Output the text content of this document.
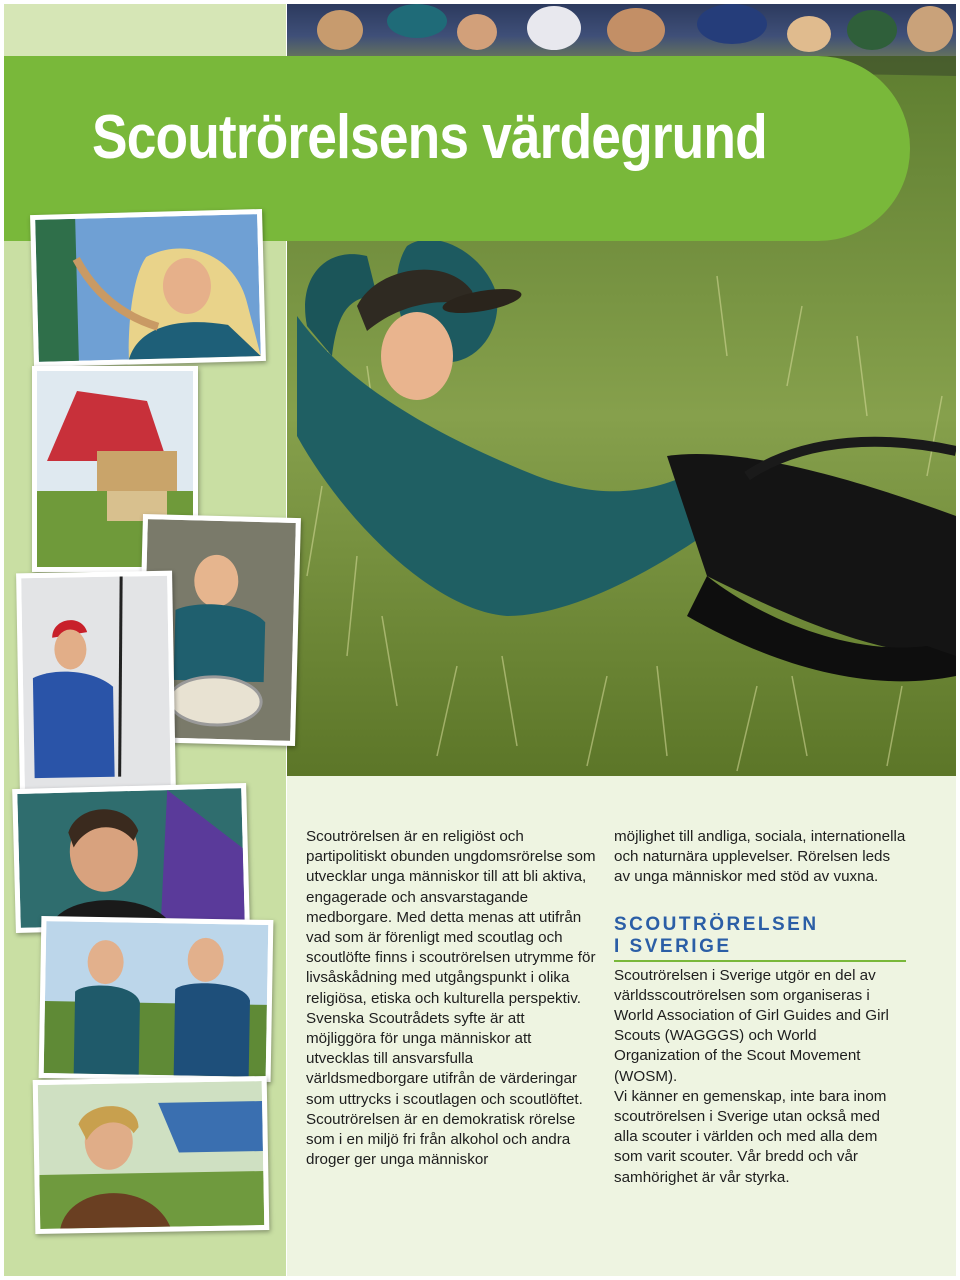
Scoutrörelsens värdegrund

Scoutrörelsen är en religiöst och partipolitiskt obunden ungdomsrörelse som utvecklar unga människor till att bli aktiva, engagerade och ansvarstagande medborgare. Med detta menas att utifrån vad som är förenligt med scoutlag och scoutlöfte finns i scoutrörelsen utrymme för livsåskådning med utgångspunkt i olika religiösa, etiska och kulturella perspektiv.

Svenska Scoutrådets syfte är att möjliggöra för unga människor att utvecklas till ansvarsfulla världsmedborgare utifrån de värderingar som uttrycks i scoutlagen och scoutlöftet.

Scoutrörelsen är en demokratisk rörelse som i en miljö fri från alkohol och andra droger ger unga människor

möjlighet till andliga, sociala, internationella och naturnära upplevelser. Rörelsen leds av unga människor med stöd av vuxna.

SCOUTRÖRELSEN
I SVERIGE

Scoutrörelsen i Sverige utgör en del av världsscoutrörelsen som organiseras i World Association of Girl Guides and Girl Scouts (WAGGGS) och World Organization of the Scout Movement (WOSM).

Vi känner en gemenskap, inte bara inom scoutrörelsen i Sverige utan också med alla scouter i världen och med alla dem som varit scouter. Vår bredd och vår samhörighet är vår styrka.
